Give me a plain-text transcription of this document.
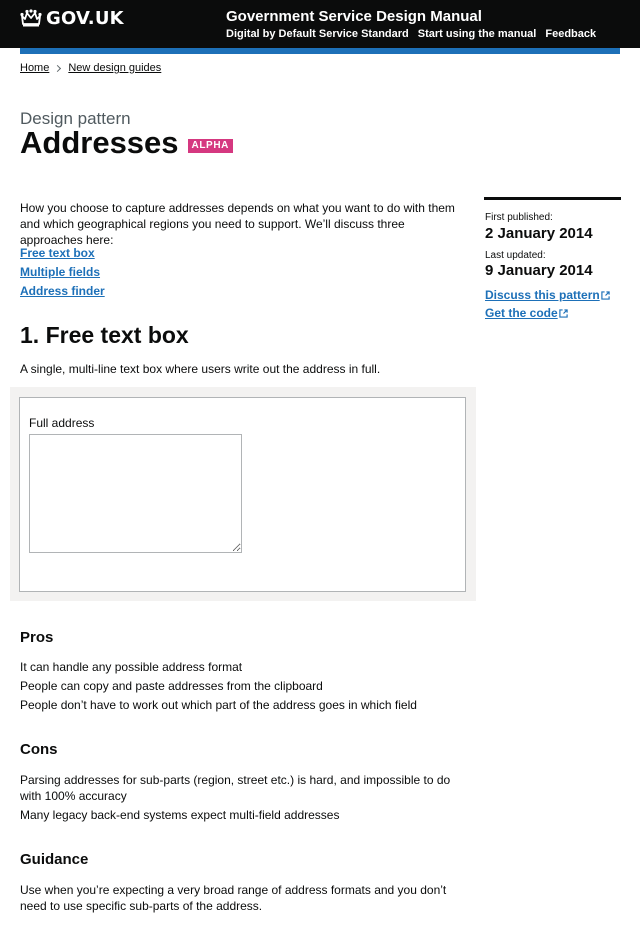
GOV.UK	Government Service Design Manual
Digital by Default Service Standard Start using the manual Feedback
Home New design guides
Design pattern
Addresses	ALPHA

How you choose to capture addresses depends on what you want to do with them and which geographical regions you need to support. We’ll discuss three approaches here:

Free text box
Multiple fields
Address finder
1. Free text box

A single, multi-line text box where users write out the address in full.

Full address
Pros
It can handle any possible address format
People can copy and paste addresses from the clipboard
People don’t have to work out which part of the address goes in which field
Cons

Parsing addresses for sub-parts (region, street etc.) is hard, and impossible to do with 100% accuracy

Many legacy back-end systems expect multi-field addresses

Guidance

Use when you’re expecting a very broad range of address formats and you don’t need to use specific sub-parts of the address.

First published:
2 January 2014
Last updated:
9 January 2014
Discuss this pattern
Get the code
